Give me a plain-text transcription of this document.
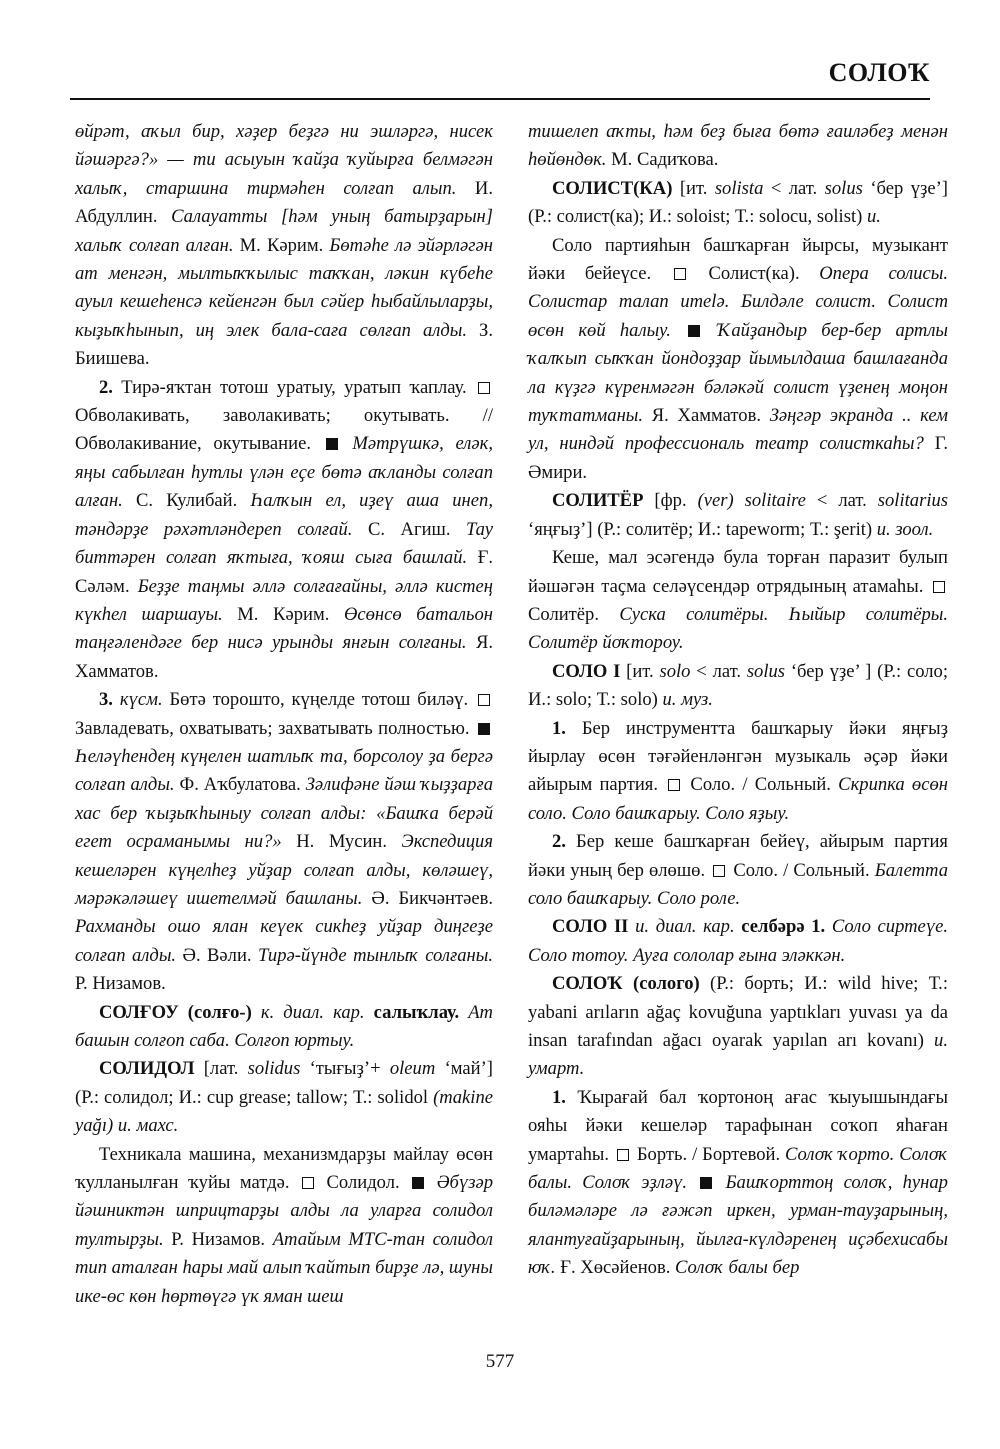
СОЛОҠ

өйрәт, аҡыл бир, хәҙер беҙгә ни эшләргә, нисек йәшәргә?» — ти асыуын ҡайҙа ҡуйырға белмәгән халыҡ, старшина тирмәһен солғап алып. И. Абдуллин. Салауатты [һәм уның батырҙарын] халыҡ солғап алған. М. Кәрим. Бөтәһе лә эйәрләгән ат менгән, мылтыҡҡылыс таҡҡан, ләкин күбеһе ауыл кешеһенсә кейенгән был сәйер һыбайлыларҙы, кыҙыҡһынып, иң элек бала-саға сөлғап алды. З. Биишева.

2. Тирә-яҡтан тотош уратыу, уратып ҡаплау.  Обволакивать, заволакивать; окутывать. // Обволакивание, окутывание.  Мәтрүшкә, еләк, яңы сабылған һутлы үлән еҫе бөтә аҡланды солғап алған. С. Кулибай. Һалҡын ел, иҙеү аша инеп, тәндәрҙе рәхәтләндереп солғай. С. Агиш. Тау биттәрен солғап яҡтыға, ҡояш сыға башлай. Ғ. Сәләм. Беҙҙе таңмы әллә солғағайны, әллә кистең күкһел шаршауы. М. Кәрим. Өсөнсө батальон таңғәлендәге бер нисә урынды янғын солғаны. Я. Хамматов.

3. күсм. Бөтә торошто, күңелде тотош биләү.  Завладевать, охватывать; захватывать полностью.  Һеләүһендең күңелен шатлыҡ та, борсолоу ҙа бергә солғап алды. Ф. Аҡбулатова. Зәлифәне йәш ҡыҙҙарға хас бер ҡыҙыҡһыныу солғап алды: «Башҡа берәй егет осраманымы ни?» Н. Мусин. Экспедиция кешеләрен күңелһеҙ уйҙар солғап алды, көләшеү, мәрәкәләшеү ишетелмәй башланы. Ә. Бикчәнтәев. Рахманды ошо ялан кеүек сикһеҙ уйҙар диңгеҙе солғап алды. Ә. Вәли. Тирә-йүнде тынлыҡ солғаны. Р. Низамов.

СОЛҒОУ (солғо-) к. диал. кар. салыҡлау. Ат башын солғоп саба. Солғоп юртыу.

СОЛИДОЛ [лат. solidus ‘тығыҙ’+ oleum ‘май’] (Р.: солидол; И.: cup grease; tallow; Т.: solidol (makine yağı) и. махс.

Техникала машина, механизмдарҙы майлау өсөн ҡулланылған ҡуйы матдә.  Солидол.  Әбүзәр йәшниктән шприцтарҙы алды ла уларға солидол тултырҙы. Р. Низамов. Атайым МТС-тан солидол тип аталған һары май алып ҡайтып бирҙе лә, шуны ике-өс көн һөртөүгә үк яман шеш

тишелеп аҡты, һәм беҙ быға бөтә ғаиләбеҙ менән һөйөндөк. М. Садиҡова.

СОЛИСТ(КА) [ит. solista < лат. solus ‘бер үҙе’] (Р.: солист(ка); И.: soloist; Т.: solocu, solist) и.

Соло партияһын башҡарған йырсы, музыкант йәки бейеүсе.  Солист(ка). Опера солисы. Солистар талап итеlә. Билдәле солист. Солист өсөн көй һалыу.	Ҡайҙандыр бер-бер артлы ҡалҡып сыҡҡан йондоҙҙар йымылдаша башлағанда ла күҙгә күренмәгән бәләкәй солист үҙенең моңон туҡтатманы. Я. Хамматов. Зәңгәр экранда .. кем ул, ниндәй профессиональ театр солисткаһы? Г. Әмири.

СОЛИТЁР [фр. (ver) solitaire < лат. solitarius ‘яңғыҙ’] (Р.: солитёр; И.: tapeworm; Т.: şerit) и. зоол.

Кеше, мал эсәгендә була торған паразит булып йәшәгән таҫма селәүсендәр отрядының атамаһы.  Солитёр. Суска солитёры. Һыйыр солитёры. Солитёр йоҡтороу.

СОЛО I [ит. solo < лат. solus ‘бер үҙе’ ] (Р.: соло; И.: solo; Т.: solo) и. муз.

1. Бер инструментта башҡарыу йәки яңғыҙ йырлау өсөн тәғәйенләнгән музыкаль әҫәр йәки айырым партия.  Соло. / Сольный. Скрипка өсөн соло. Соло башҡарыу. Соло яҙыу.

2. Бер кеше башҡарған бейеү, айырым партия йәки уның бер өлөшө.  Соло. / Сольный. Балетта соло башҡарыу. Соло роле.

СОЛО II и. диал. кар. селбәрә 1. Соло сиртеүе. Соло тотоу. Ауға сололар ғына эләккән.

СОЛОҠ (солого) (Р.: борть; И.: wild hive; Т.: yabani arıların ağaç kovuğuna yaptıkları yuvası ya da insan tarafından ağacı oyarak yapılan arı kovanı) и. умарт.

1. Ҡырағай бал ҡортоноң ағас ҡыуышындағы ояһы йәки кешеләр тарафынан соҡоп яһаған умартаһы.  Борть. / Бортевой. Солоҡ ҡорто. Солоҡ балы. Солоҡ эҙләү. Башҡорттоң солоҡ, һунар биләмәләре лә ғәжәп иркен, урман-тауҙарының, ялантуғайҙарының, йылға-күлдәренең иҫәбехисабы юҡ. Ғ. Хөсәйенов. Солоҡ балы бер

577
